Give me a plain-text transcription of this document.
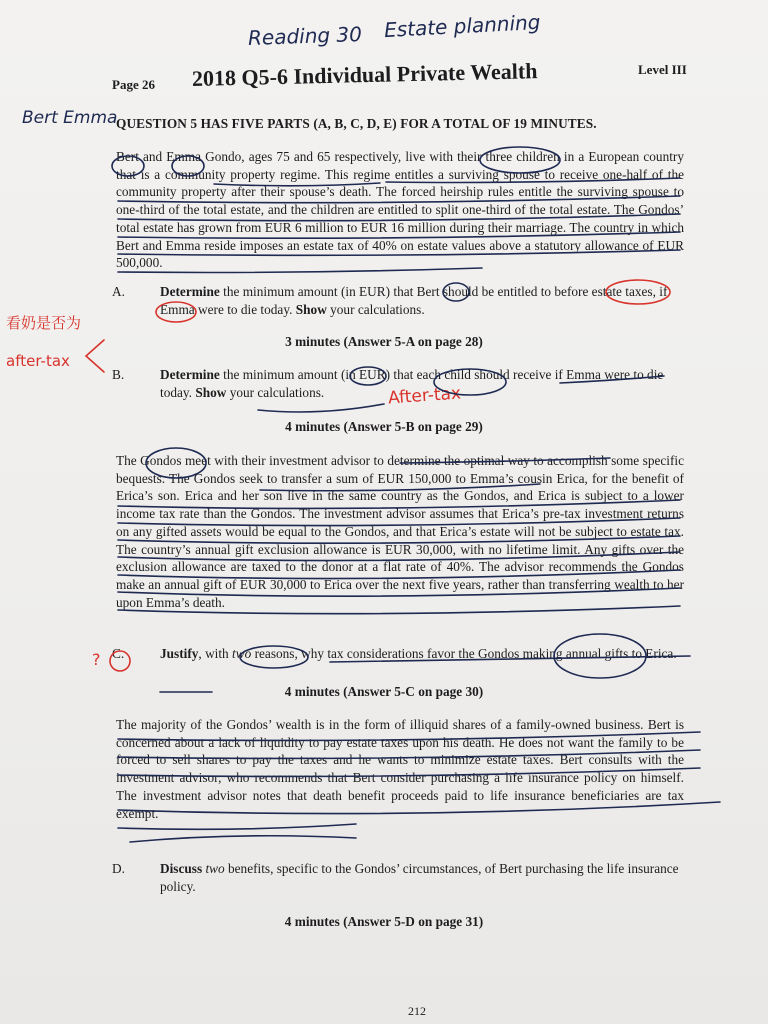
Reading 30 Estate planning
Page 26 2018 Q5-6 Individual Private Wealth	Level III
Bert Emma
QUESTION 5 HAS FIVE PARTS (A, B, C, D, E) FOR A TOTAL OF 19 MINUTES.
Bert and Emma Gondo, ages 75 and 65 respectively, live with their three children in a European country that is a community property regime. This regime entitles a surviving spouse to receive one-half of the community property after their spouse’s death. The forced heirship rules entitle the surviving spouse to one-third of the total estate, and the children are entitled to split one-third of the total estate. The Gondos’ total estate has grown from EUR 6 million to EUR 16 million during their marriage. The country in which Bert and Emma reside imposes an estate tax of 40% on estate values above a statutory allowance of EUR 500,000.
A.	Determine the minimum amount (in EUR) that Bert should be entitled to before estate taxes, if Emma were to die today. Show your calculations.
3 minutes (Answer 5-A on page 28)
看奶是否为
after-tax
B.	Determine the minimum amount (in EUR) that each child should receive if Emma were to die today. Show your calculations.	After-tax
4 minutes (Answer 5-B on page 29)
The Gondos meet with their investment advisor to determine the optimal way to accomplish some specific bequests. The Gondos seek to transfer a sum of EUR 150,000 to Emma’s cousin Erica, for the benefit of Erica’s son. Erica and her son live in the same country as the Gondos, and Erica is subject to a lower income tax rate than the Gondos. The investment advisor assumes that Erica’s pre-tax investment returns on any gifted assets would be equal to the Gondos, and that Erica’s estate will not be subject to estate tax. The country’s annual gift exclusion allowance is EUR 30,000, with no lifetime limit. Any gifts over the exclusion allowance are taxed to the donor at a flat rate of 40%. The advisor recommends the Gondos make an annual gift of EUR 30,000 to Erica over the next five years, rather than transferring wealth to her upon Emma’s death.
? C.	Justify, with two reasons, why tax considerations favor the Gondos making annual gifts to Erica.
4 minutes (Answer 5-C on page 30)
The majority of the Gondos’ wealth is in the form of illiquid shares of a family-owned business. Bert is concerned about a lack of liquidity to pay estate taxes upon his death. He does not want the family to be forced to sell shares to pay the taxes and he wants to minimize estate taxes. Bert consults with the investment advisor, who recommends that Bert consider purchasing a life insurance policy on himself. The investment advisor notes that death benefit proceeds paid to life insurance beneficiaries are tax exempt.
D.	Discuss two benefits, specific to the Gondos’ circumstances, of Bert purchasing the life insurance policy.
4 minutes (Answer 5-D on page 31)
212
